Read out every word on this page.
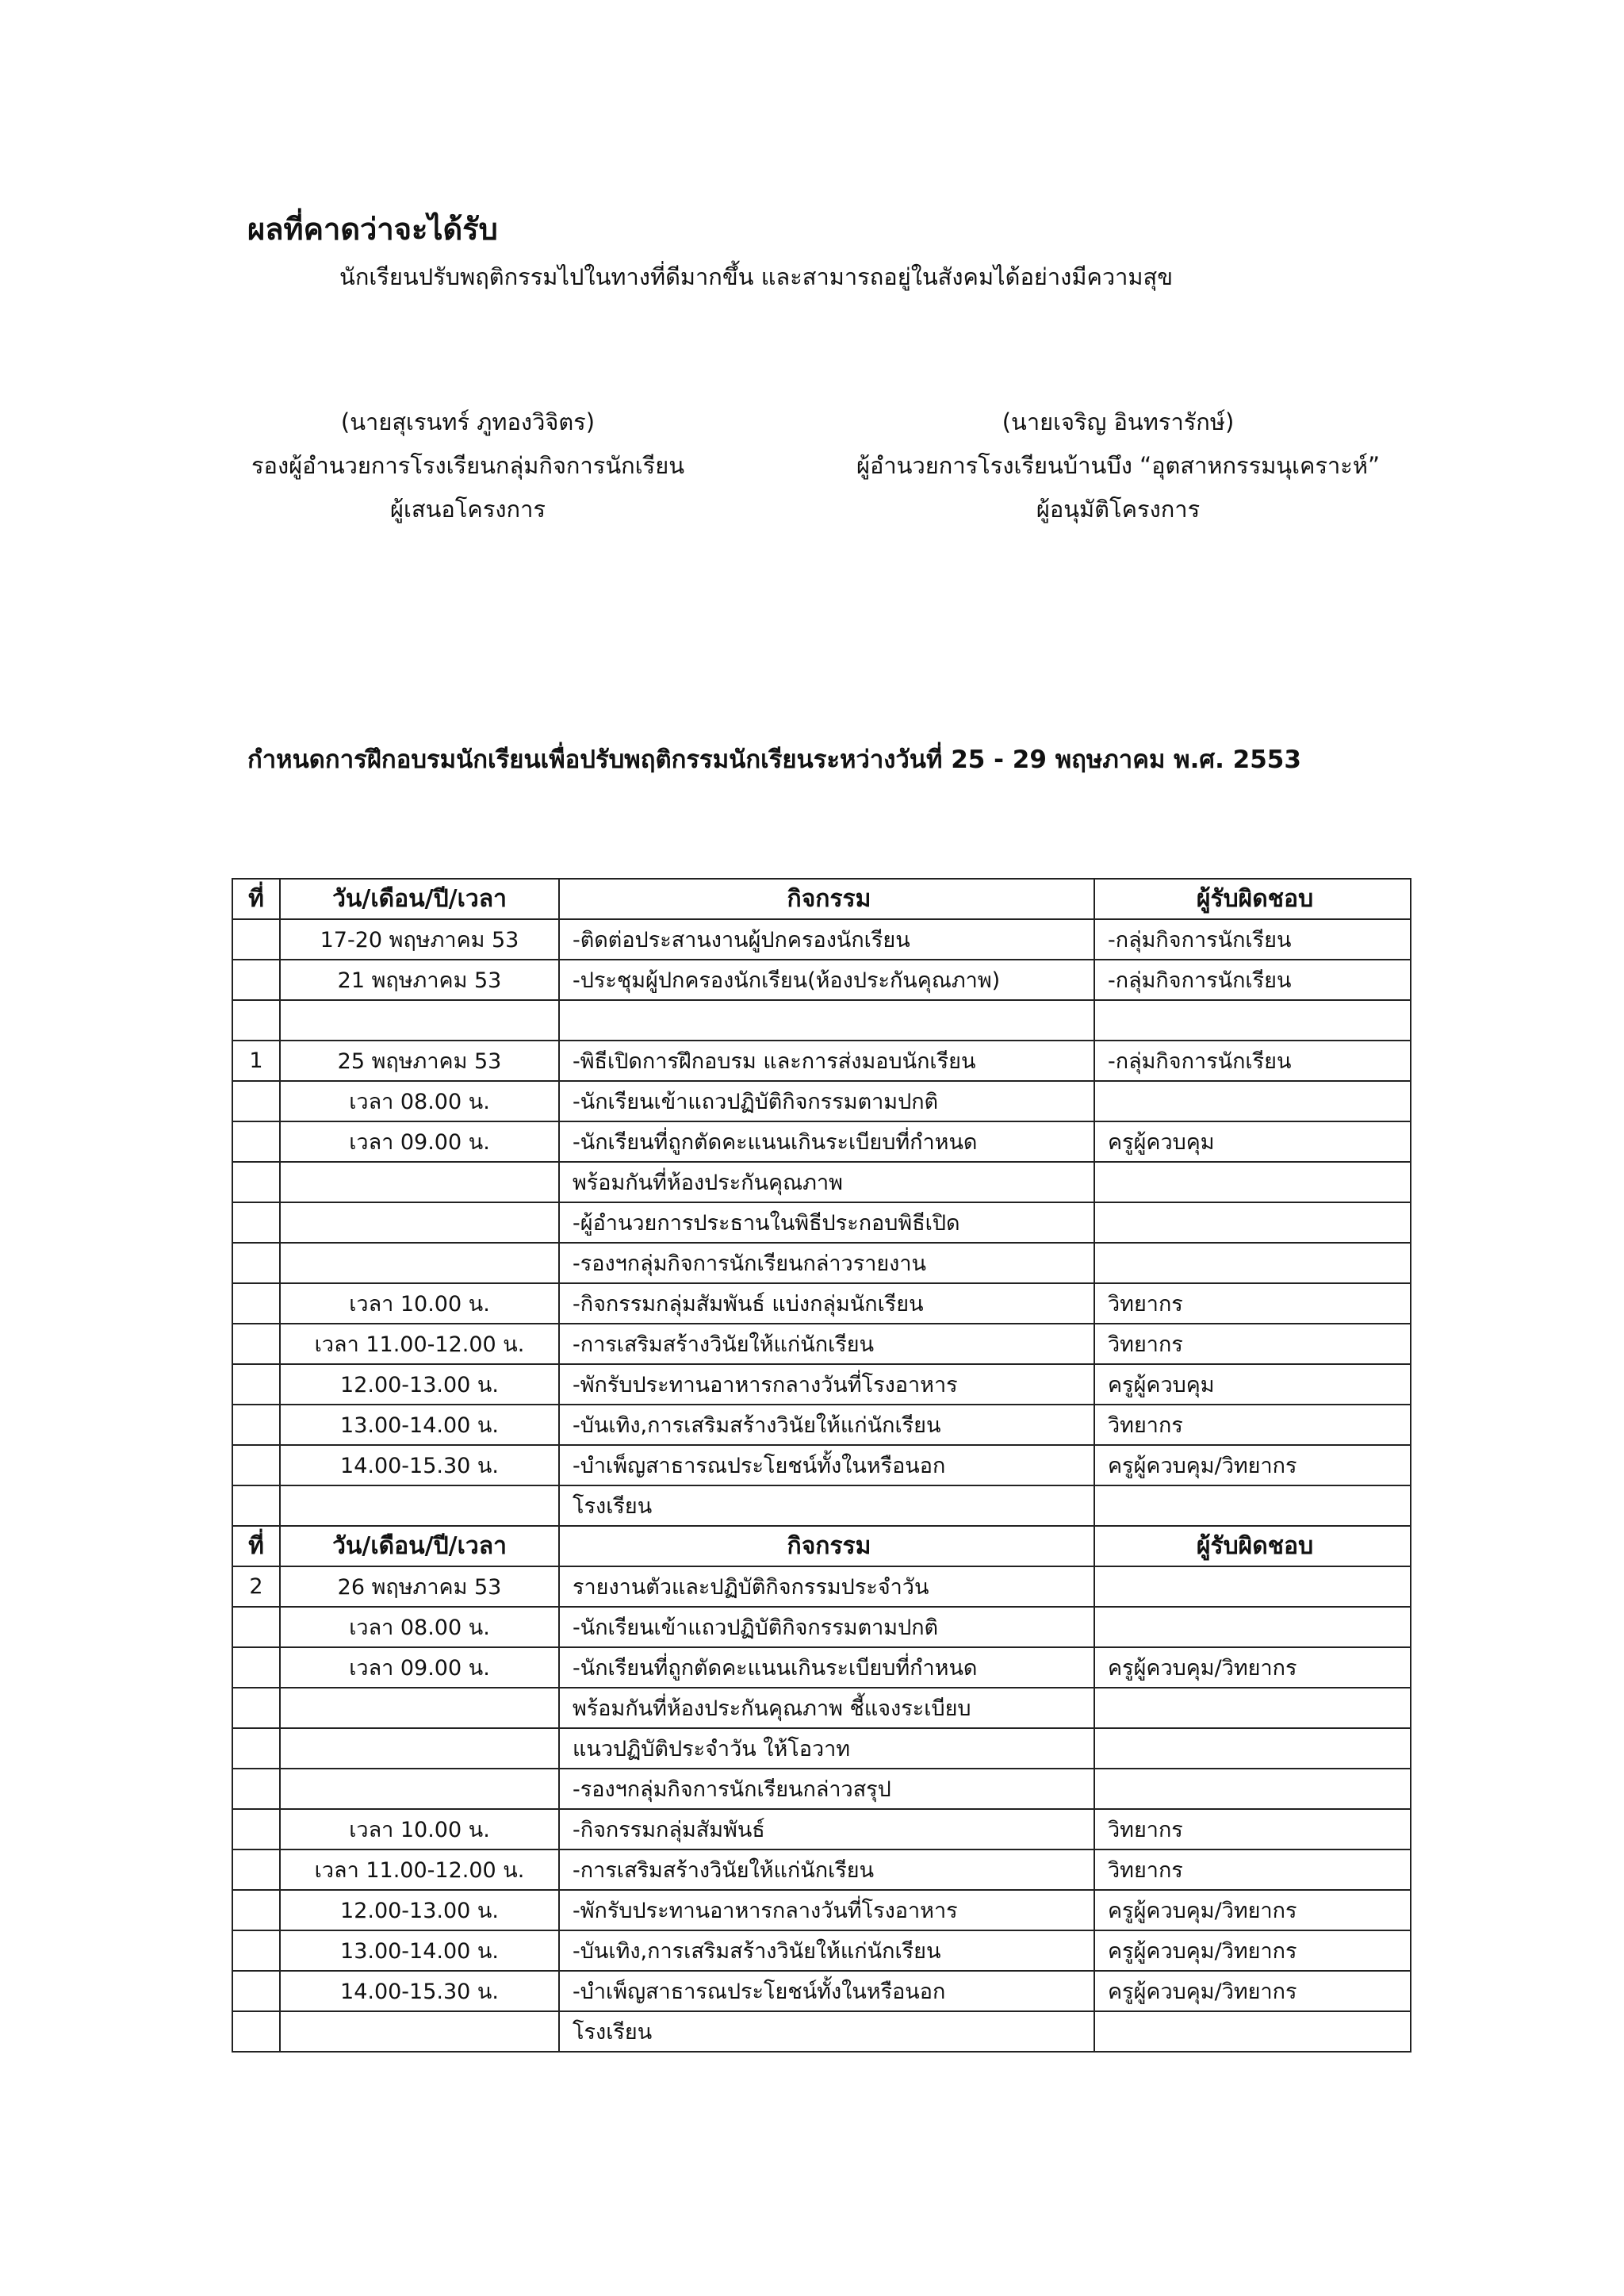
ผลที่คาดว่าจะได้รับ

นักเรียนปรับพฤติกรรมไปในทางที่ดีมากขึ้น และสามารถอยู่ในสังคมได้อย่างมีความสุข

(นายสุเรนทร์ ภูทองวิจิตร)
รองผู้อำนวยการโรงเรียนกลุ่มกิจการนักเรียน
ผู้เสนอโครงการ
(นายเจริญ อินทรารักษ์)
ผู้อำนวยการโรงเรียนบ้านบึง “อุตสาหกรรมนุเคราะห์”
ผู้อนุมัติโครงการ
กำหนดการฝึกอบรมนักเรียนเพื่อปรับพฤติกรรมนักเรียนระหว่างวันที่ 25 - 29 พฤษภาคม พ.ศ. 2553
ที่	วัน/เดือน/ปี/เวลา	กิจกรรม	ผู้รับผิดชอบ
	17-20 พฤษภาคม 53	-ติดต่อประสานงานผู้ปกครองนักเรียน	-กลุ่มกิจการนักเรียน
	21 พฤษภาคม 53	-ประชุมผู้ปกครองนักเรียน(ห้องประกันคุณภาพ)	-กลุ่มกิจการนักเรียน

1	25 พฤษภาคม 53	-พิธีเปิดการฝึกอบรม และการส่งมอบนักเรียน	-กลุ่มกิจการนักเรียน
	เวลา 08.00 น.	-นักเรียนเข้าแถวปฏิบัติกิจกรรมตามปกติ	
	เวลา 09.00 น.	-นักเรียนที่ถูกตัดคะแนนเกินระเบียบที่กำหนด	ครูผู้ควบคุม
		พร้อมกันที่ห้องประกันคุณภาพ	
		-ผู้อำนวยการประธานในพิธีประกอบพิธีเปิด	
		-รองฯกลุ่มกิจการนักเรียนกล่าวรายงาน	
	เวลา 10.00 น.	-กิจกรรมกลุ่มสัมพันธ์ แบ่งกลุ่มนักเรียน	วิทยากร
	เวลา 11.00-12.00 น.	-การเสริมสร้างวินัยให้แก่นักเรียน	วิทยากร
	12.00-13.00 น.	-พักรับประทานอาหารกลางวันที่โรงอาหาร	ครูผู้ควบคุม
	13.00-14.00 น.	-บันเทิง,การเสริมสร้างวินัยให้แก่นักเรียน	วิทยากร
	14.00-15.30 น.	-บำเพ็ญสาธารณประโยชน์ทั้งในหรือนอก	ครูผู้ควบคุม/วิทยากร
		โรงเรียน	
ที่	วัน/เดือน/ปี/เวลา	กิจกรรม	ผู้รับผิดชอบ
2	26 พฤษภาคม 53	รายงานตัวและปฏิบัติกิจกรรมประจำวัน	
	เวลา 08.00 น.	-นักเรียนเข้าแถวปฏิบัติกิจกรรมตามปกติ	
	เวลา 09.00 น.	-นักเรียนที่ถูกตัดคะแนนเกินระเบียบที่กำหนด	ครูผู้ควบคุม/วิทยากร
		พร้อมกันที่ห้องประกันคุณภาพ ชี้แจงระเบียบ	
		แนวปฏิบัติประจำวัน ให้โอวาท	
		-รองฯกลุ่มกิจการนักเรียนกล่าวสรุป	
	เวลา 10.00 น.	-กิจกรรมกลุ่มสัมพันธ์	วิทยากร
	เวลา 11.00-12.00 น.	-การเสริมสร้างวินัยให้แก่นักเรียน	วิทยากร
	12.00-13.00 น.	-พักรับประทานอาหารกลางวันที่โรงอาหาร	ครูผู้ควบคุม/วิทยากร
	13.00-14.00 น.	-บันเทิง,การเสริมสร้างวินัยให้แก่นักเรียน	ครูผู้ควบคุม/วิทยากร
	14.00-15.30 น.	-บำเพ็ญสาธารณประโยชน์ทั้งในหรือนอก	ครูผู้ควบคุม/วิทยากร
		โรงเรียน	
